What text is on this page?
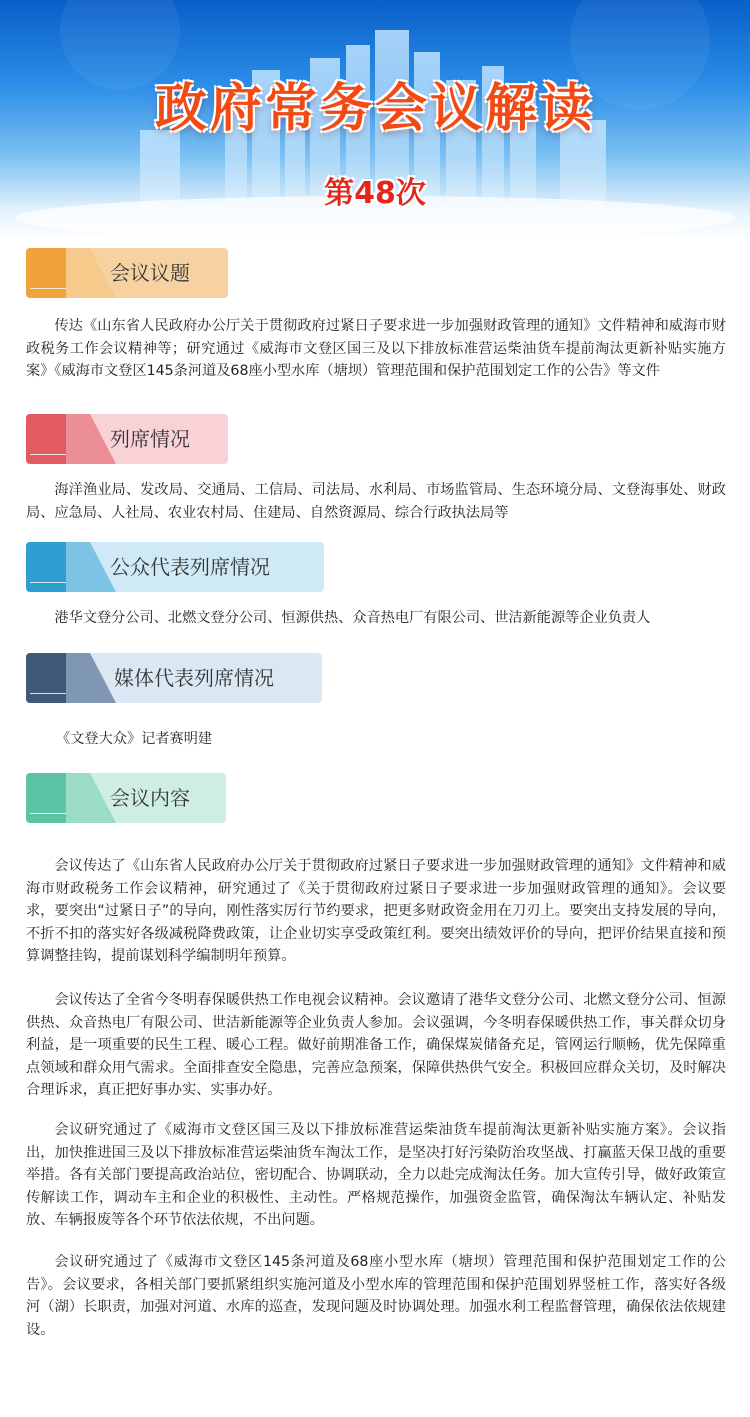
政府常务会议解读
第48次
会议议题

传达《山东省人民政府办公厅关于贯彻政府过紧日子要求进一步加强财政管理的通知》文件精神和威海市财政税务工作会议精神等；研究通过《威海市文登区国三及以下排放标准营运柴油货车提前淘汰更新补贴实施方案》《威海市文登区145条河道及68座小型水库（塘坝）管理范围和保护范围划定工作的公告》等文件

列席情况

海洋渔业局、发改局、交通局、工信局、司法局、水利局、市场监管局、生态环境分局、文登海事处、财政局、应急局、人社局、农业农村局、住建局、自然资源局、综合行政执法局等

公众代表列席情况

港华文登分公司、北燃文登分公司、恒源供热、众音热电厂有限公司、世洁新能源等企业负责人

媒体代表列席情况

《文登大众》记者赛明建

会议内容

会议传达了《山东省人民政府办公厅关于贯彻政府过紧日子要求进一步加强财政管理的通知》文件精神和威海市财政税务工作会议精神，研究通过了《关于贯彻政府过紧日子要求进一步加强财政管理的通知》。会议要求，要突出“过紧日子”的导向，刚性落实厉行节约要求，把更多财政资金用在刀刃上。要突出支持发展的导向，不折不扣的落实好各级减税降费政策，让企业切实享受政策红利。要突出绩效评价的导向，把评价结果直接和预算调整挂钩，提前谋划科学编制明年预算。

会议传达了全省今冬明春保暖供热工作电视会议精神。会议邀请了港华文登分公司、北燃文登分公司、恒源供热、众音热电厂有限公司、世洁新能源等企业负责人参加。会议强调，今冬明春保暖供热工作，事关群众切身利益，是一项重要的民生工程、暖心工程。做好前期准备工作，确保煤炭储备充足，管网运行顺畅，优先保障重点领域和群众用气需求。全面排查安全隐患，完善应急预案，保障供热供气安全。积极回应群众关切，及时解决合理诉求，真正把好事办实、实事办好。

会议研究通过了《威海市文登区国三及以下排放标准营运柴油货车提前淘汰更新补贴实施方案》。会议指出，加快推进国三及以下排放标准营运柴油货车淘汰工作，是坚决打好污染防治攻坚战、打赢蓝天保卫战的重要举措。各有关部门要提高政治站位，密切配合、协调联动，全力以赴完成淘汰任务。加大宣传引导，做好政策宣传解读工作，调动车主和企业的积极性、主动性。严格规范操作，加强资金监管，确保淘汰车辆认定、补贴发放、车辆报废等各个环节依法依规，不出问题。

会议研究通过了《威海市文登区145条河道及68座小型水库（塘坝）管理范围和保护范围划定工作的公告》。会议要求，各相关部门要抓紧组织实施河道及小型水库的管理范围和保护范围划界竖桩工作，落实好各级河（湖）长职责，加强对河道、水库的巡查，发现问题及时协调处理。加强水利工程监督管理，确保依法依规建设。
